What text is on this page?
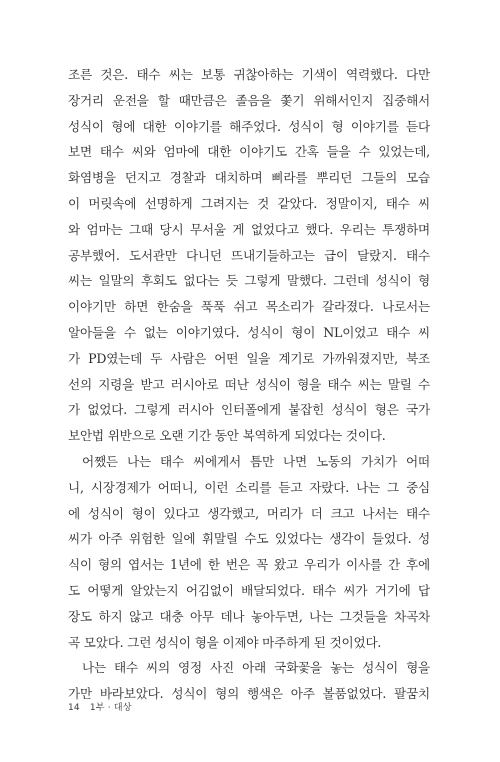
조른 것은. 태수 씨는 보통 귀찮아하는 기색이 역력했다. 다만
장거리 운전을 할 때만큼은 졸음을 쫓기 위해서인지 집중해서
성식이 형에 대한 이야기를 해주었다. 성식이 형 이야기를 듣다
보면 태수 씨와 엄마에 대한 이야기도 간혹 들을 수 있었는데,
화염병을 던지고 경찰과 대치하며 삐라를 뿌리던 그들의 모습
이 머릿속에 선명하게 그려지는 것 같았다. 정말이지, 태수 씨
와 엄마는 그때 당시 무서울 게 없었다고 했다. 우리는 투쟁하며
공부했어. 도서관만 다니던 뜨내기들하고는 급이 달랐지. 태수
씨는 일말의 후회도 없다는 듯 그렇게 말했다. 그런데 성식이 형
이야기만 하면 한숨을 푹푹 쉬고 목소리가 갈라졌다. 나로서는
알아들을 수 없는 이야기였다. 성식이 형이 NL이었고 태수 씨
가 PD였는데 두 사람은 어떤 일을 계기로 가까워졌지만, 북조
선의 지령을 받고 러시아로 떠난 성식이 형을 태수 씨는 말릴 수
가 없었다. 그렇게 러시아 인터폴에게 붙잡힌 성식이 형은 국가
보안법 위반으로 오랜 기간 동안 복역하게 되었다는 것이다.
어쨌든 나는 태수 씨에게서 틈만 나면 노동의 가치가 어떠
니, 시장경제가 어떠니, 이런 소리를 듣고 자랐다. 나는 그 중심
에 성식이 형이 있다고 생각했고, 머리가 더 크고 나서는 태수
씨가 아주 위험한 일에 휘말릴 수도 있었다는 생각이 들었다. 성
식이 형의 엽서는 1년에 한 번은 꼭 왔고 우리가 이사를 간 후에
도 어떻게 알았는지 어김없이 배달되었다. 태수 씨가 거기에 답
장도 하지 않고 대충 아무 데나 놓아두면, 나는 그것들을 차곡차
곡 모았다. 그런 성식이 형을 이제야 마주하게 된 것이었다.
나는 태수 씨의 영정 사진 아래 국화꽃을 놓는 성식이 형을
가만 바라보았다. 성식이 형의 행색은 아주 볼품없었다. 팔꿈치
14 1부 · 대상
